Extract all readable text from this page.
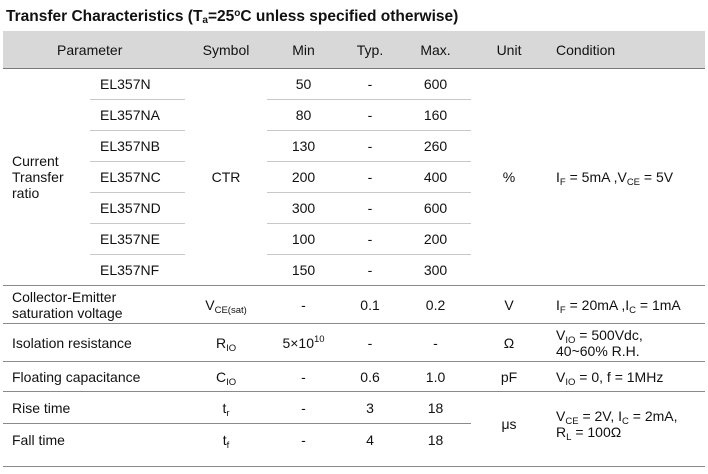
Transfer Characteristics ($T_a=25^oC$ unless specified otherwise)
Parameter		Symbol	Min	Typ.	Max.	Unit	Condition

Current
Transfer
ratio	EL357N	CTR	50	-	600	%	$I_F = 5mA$ $,V_{CE} = 5V$
	EL357NA		80	-	160		
	EL357NB		130	-	260		
	EL357NC		200	-	400		
	EL357ND		300	-	600		
	EL357NE		100	-	200		
	EL357NF		150	-	300		

Collector-Emitter
saturation voltage		$V_{CE(sat)}$	-	0.1	0.2	V	$I_F = 20mA$ $,I_C = 1mA$
Isolation resistance		$R_{IO}$	$5\times 10^{10}$	-	-	Ω	$V_{IO} = 500Vdc$,
40~60% R.H.

Floating capacitance		$C_{IO}$	-	0.6	1.0	pF	$V_{IO} = 0$, f = 1MHz
Rise time		$t_r$	-	3	18	μs	$V_{CE} = 2V$, $I_C = 2mA$,
$R_L = 100\Omega$

Fall time		$t_f$	-	4	18		
